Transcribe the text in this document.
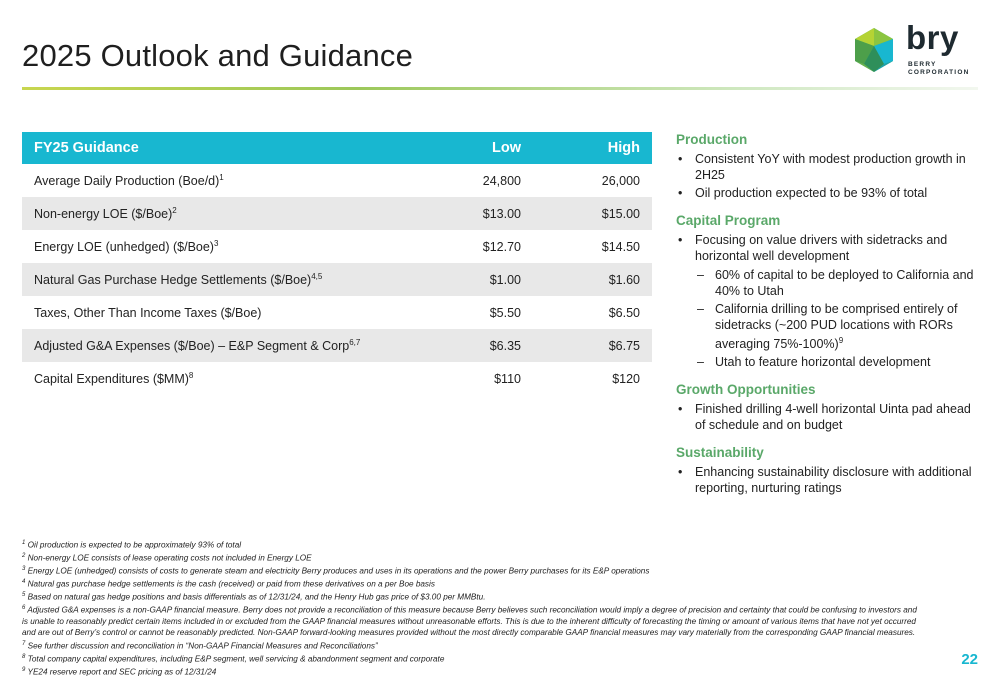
2025 Outlook and Guidance	bry
BERRY
CORPORATION
FY25 Guidance	Low	High
Average Daily Production $(Boe/d)^1$	24,800	26,000
Non-energy LOE ($/Boe)$^2$	$13.00	$15.00
Energy LOE (unhedged) ($/Boe)$^3$	$12.70	$14.50
Natural Gas Purchase Hedge Settlements ($/Boe)$^{4,5}$	$1.00	$1.60
Taxes, Other Than Income Taxes ($/Boe)	$5.50	$6.50
Adjusted G&A Expenses ($/Boe) – E&P Segment & Corp$^{6,7}$	$6.35	$6.75
Capital Expenditures ($MM)$^8$	$110	$120
Production
• Consistent YoY with modest production growth in 2H25
• Oil production expected to be 93% of total
Capital Program
• Focusing on value drivers with sidetracks and horizontal well development
– 60% of capital to be deployed to California and 40% to Utah
– California drilling to be comprised entirely of sidetracks (~200 PUD locations with RORs averaging 75%-100%)$^9$
– Utah to feature horizontal development
Growth Opportunities
• Finished drilling 4-well horizontal Uinta pad ahead of schedule and on budget
Sustainability
• Enhancing sustainability disclosure with additional reporting, nurturing ratings
$^1$ Oil production is expected to be approximately 93% of total
$^2$ Non-energy LOE consists of lease operating costs not included in Energy LOE
$^3$ Energy LOE (unhedged) consists of costs to generate steam and electricity Berry produces and uses in its operations and the power Berry purchases for its E&P operations
$^4$ Natural gas purchase hedge settlements is the cash (received) or paid from these derivatives on a per Boe basis
$^5$ Based on natural gas hedge positions and basis differentials as of 12/31/24, and the Henry Hub gas price of $3.00 per MMBtu.
$^6$ Adjusted G&A expenses is a non-GAAP financial measure. Berry does not provide a reconciliation of this measure because Berry believes such reconciliation would imply a degree of precision and certainty that could be confusing to investors and is unable to reasonably predict certain items included in or excluded from the GAAP financial measures without unreasonable efforts. This is due to the inherent difficulty of forecasting the timing or amount of various items that have not yet occurred and are out of Berry’s control or cannot be reasonably predicted. Non-GAAP forward-looking measures provided without the most directly comparable GAAP financial measures may vary materially from the corresponding GAAP financial measures.
$^7$ See further discussion and reconciliation in “Non-GAAP Financial Measures and Reconciliations”
$^8$ Total company capital expenditures, including E&P segment, well servicing & abandonment segment and corporate
$^9$ YE24 reserve report and SEC pricing as of 12/31/24
22
